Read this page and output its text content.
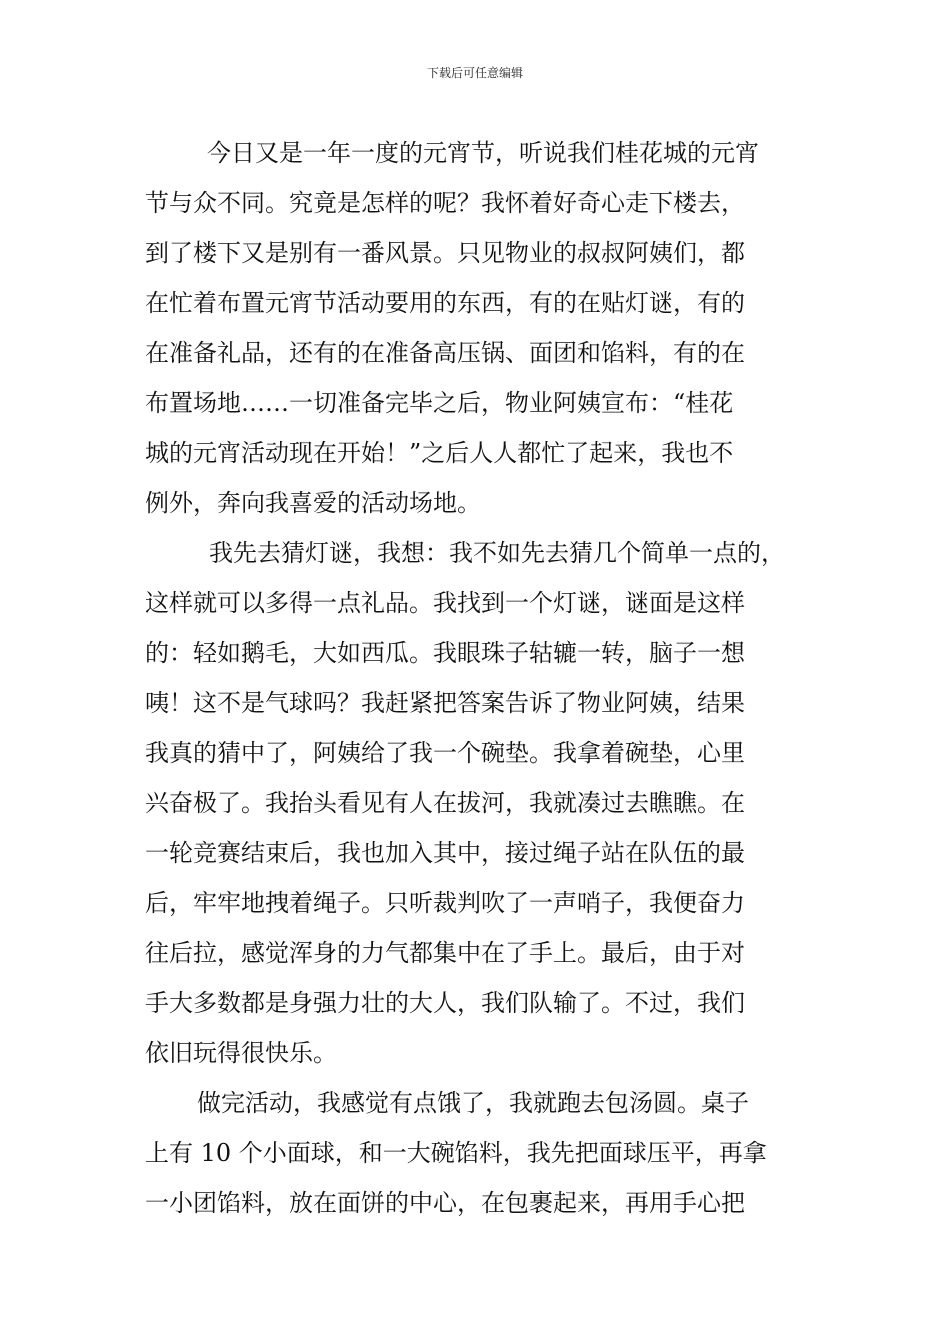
下载后可任意编辑

今日又是一年一度的元宵节，听说我们桂花城的元宵
节与众不同。究竟是怎样的呢？我怀着好奇心走下楼去，
到了楼下又是别有一番风景。只见物业的叔叔阿姨们，都
在忙着布置元宵节活动要用的东西，有的在贴灯谜，有的
在准备礼品，还有的在准备高压锅、面团和馅料，有的在
布置场地……一切准备完毕之后，物业阿姨宣布：“桂花
城的元宵活动现在开始！”之后人人都忙了起来，我也不
例外，奔向我喜爱的活动场地。

我先去猜灯谜，我想：我不如先去猜几个简单一点的，
这样就可以多得一点礼品。我找到一个灯谜，谜面是这样
的：轻如鹅毛，大如西瓜。我眼珠子轱辘一转，脑子一想
咦！这不是气球吗？我赶紧把答案告诉了物业阿姨，结果
我真的猜中了，阿姨给了我一个碗垫。我拿着碗垫，心里
兴奋极了。我抬头看见有人在拔河，我就凑过去瞧瞧。在
一轮竞赛结束后，我也加入其中，接过绳子站在队伍的最
后，牢牢地拽着绳子。只听裁判吹了一声哨子，我便奋力
往后拉，感觉浑身的力气都集中在了手上。最后，由于对
手大多数都是身强力壮的大人，我们队输了。不过，我们
依旧玩得很快乐。

做完活动，我感觉有点饿了，我就跑去包汤圆。桌子
上有 10 个小面球，和一大碗馅料，我先把面球压平，再拿
一小团馅料，放在面饼的中心，在包裹起来，再用手心把
